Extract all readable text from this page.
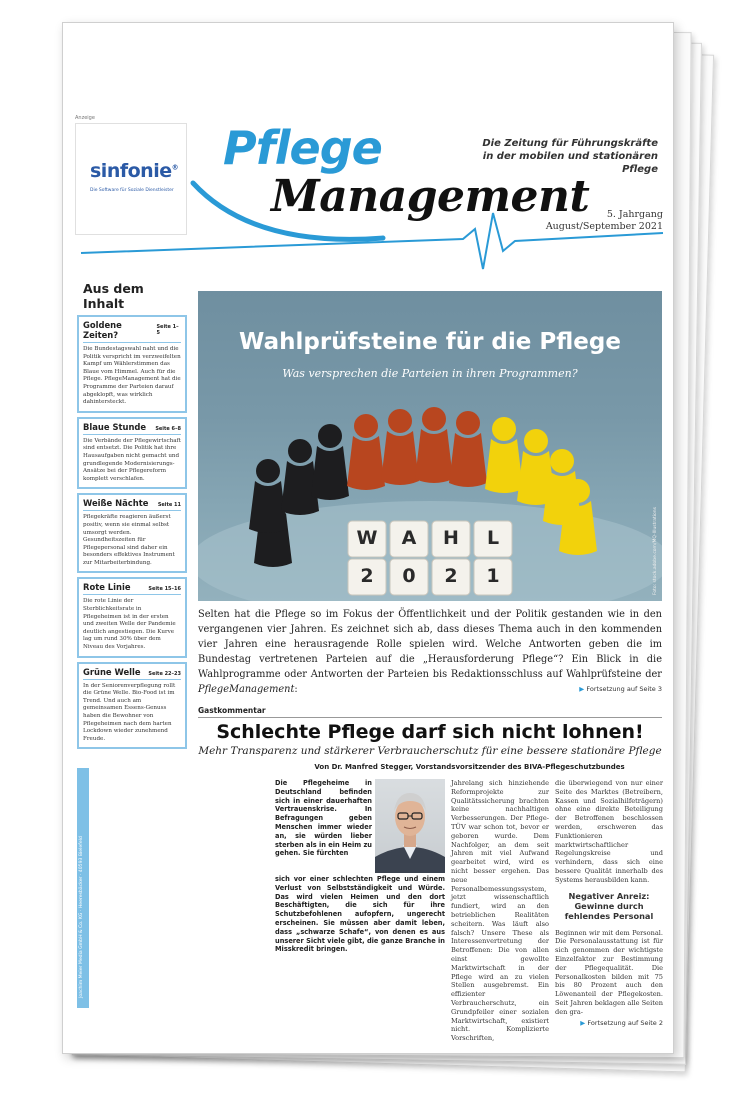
Anzeige
sinfonie®
Die Software für Soziale Dienstleister
Pflege
Management
Die Zeitung für Führungskräfte
in der mobilen und stationären Pflege
5. Jahrgang
August/September 2021
Aus dem Inhalt
Goldene Zeiten?
Seite 1–5
Die Bundestagswahl naht und die Politik verspricht im verzweifelten Kampf um Wählerstimmen das Blaue vom Himmel. Auch für die Pflege. PflegeManagement hat die Programme der Parteien darauf abgeklopft, was wirklich dahintersteckt.
Blaue Stunde Seite 6–8
Die Verbände der Pflegewirtschaft sind entsetzt. Die Politik hat ihre Hausaufgaben nicht gemacht und grundlegende Modernisierungs-Ansätze bei der Pflegereform komplett verschlafen.
Weiße Nächte Seite 11
Pflegekräfte reagieren äußerst positiv, wenn sie einmal selbst umsorgt werden. Gesundheitszeiten für Pflegepersonal sind daher ein besonders effektives Instrument zur Mitarbeiterbindung.
Rote Linie	Seite 15–16
Die rote Linie der Sterblichkeitsrate in Pflegeheimen ist in der ersten und zweiten Welle der Pandemie deutlich angestiegen. Die Kurve lag um rund 30% über dem Niveau des Vorjahres.
Grüne Welle Seite 22–23
In der Seniorenverpflegung rollt die Grüne Welle. Bio-Food ist im Trend. Und auch am gemeinsamen Essens-Genuss haben die Bewohner von Pflegeheimen nach dem harten Lockdown wieder zunehmend Freude.
Joachim Meier Media GmbH & Co. KG · Heeresbäcker · 40593 Bielefeld
Wahlprüfsteine für die Pflege
Was versprechen die Parteien in ihren Programmen?
W	A	H	L
2	0	2	1	Foto: stock.adobe.com/MQ-Illustrations
Selten hat die Pflege so im Fokus der Öffentlichkeit und der Politik gestanden wie in den vergangenen vier Jahren. Es zeichnet sich ab, dass dieses Thema auch in den kommenden vier Jahren eine herausragende Rolle spielen wird. Welche Antworten geben die im Bundestag vertretenen Parteien auf die „Herausforderung Pflege“? Ein Blick in die Wahlprogramme oder Antworten der Parteien bis Redaktionsschluss auf Wahlprüfsteine der PflegeManagement:	▶ Fortsetzung auf Seite 3
Gastkommentar
Schlechte Pflege darf sich nicht lohnen!
Mehr Transparenz und stärkerer Verbraucherschutz für eine bessere stationäre Pflege
Von Dr. Manfred Stegger, Vorstandsvorsitzender des BIVA-Pflegeschutzbundes
Die Pflegeheime in Deutschland befinden sich in einer dauerhaften Vertrauenskrise. In Befragungen geben Menschen immer wieder an, sie würden lieber sterben als in ein Heim zu gehen. Sie fürchten
sich vor einer schlechten Pflege und einem Verlust von Selbstständigkeit und Würde. Das wird vielen Heimen und den dort Beschäftigten, die sich für ihre Schutzbefohlenen aufopfern, ungerecht erscheinen. Sie müssen aber damit leben, dass „schwarze Schafe“, von denen es aus unserer Sicht viele gibt, die ganze Branche in Misskredit bringen.
Jahrelang sich hinziehende Reformprojekte zur Qualitätssicherung brachten keine nachhaltigen Verbesserungen. Der Pflege-TÜV war schon tot, bevor er geboren wurde. Dem Nachfolger, an dem seit Jahren mit viel Aufwand gearbeitet wird, wird es nicht besser ergehen. Das neue Personalbemessungssystem, jetzt wissenschaftlich fundiert, wird an den betrieblichen Realitäten scheitern. Was läuft also falsch? Unsere These als Interessenvertretung der Betroffenen: Die von allen einst gewollte Marktwirtschaft in der Pflege wird an zu vielen Stellen ausgebremst. Ein effizienter Verbraucherschutz, ein Grundpfeiler einer sozialen Marktwirtschaft, existiert nicht. Komplizierte Vorschriften,
die überwiegend von nur einer Seite des Marktes (Betreibern, Kassen und Sozialhilfeträgern) ohne eine direkte Beteiligung der Betroffenen beschlossen werden, erschweren das Funktionieren marktwirtschaftlicher Regelungskreise und verhindern, dass sich eine bessere Qualität innerhalb des Systems herausbilden kann.
Negativer Anreiz: Gewinne durch fehlendes Personal
Beginnen wir mit dem Personal. Die Personalausstattung ist für sich genommen der wichtigste Einzelfaktor zur Bestimmung der Pflegequalität. Die Personalkosten bilden mit 75 bis 80 Prozent auch den Löwenanteil der Pflegekosten. Seit Jahren beklagen alle Seiten den gra-
▶ Fortsetzung auf Seite 2
